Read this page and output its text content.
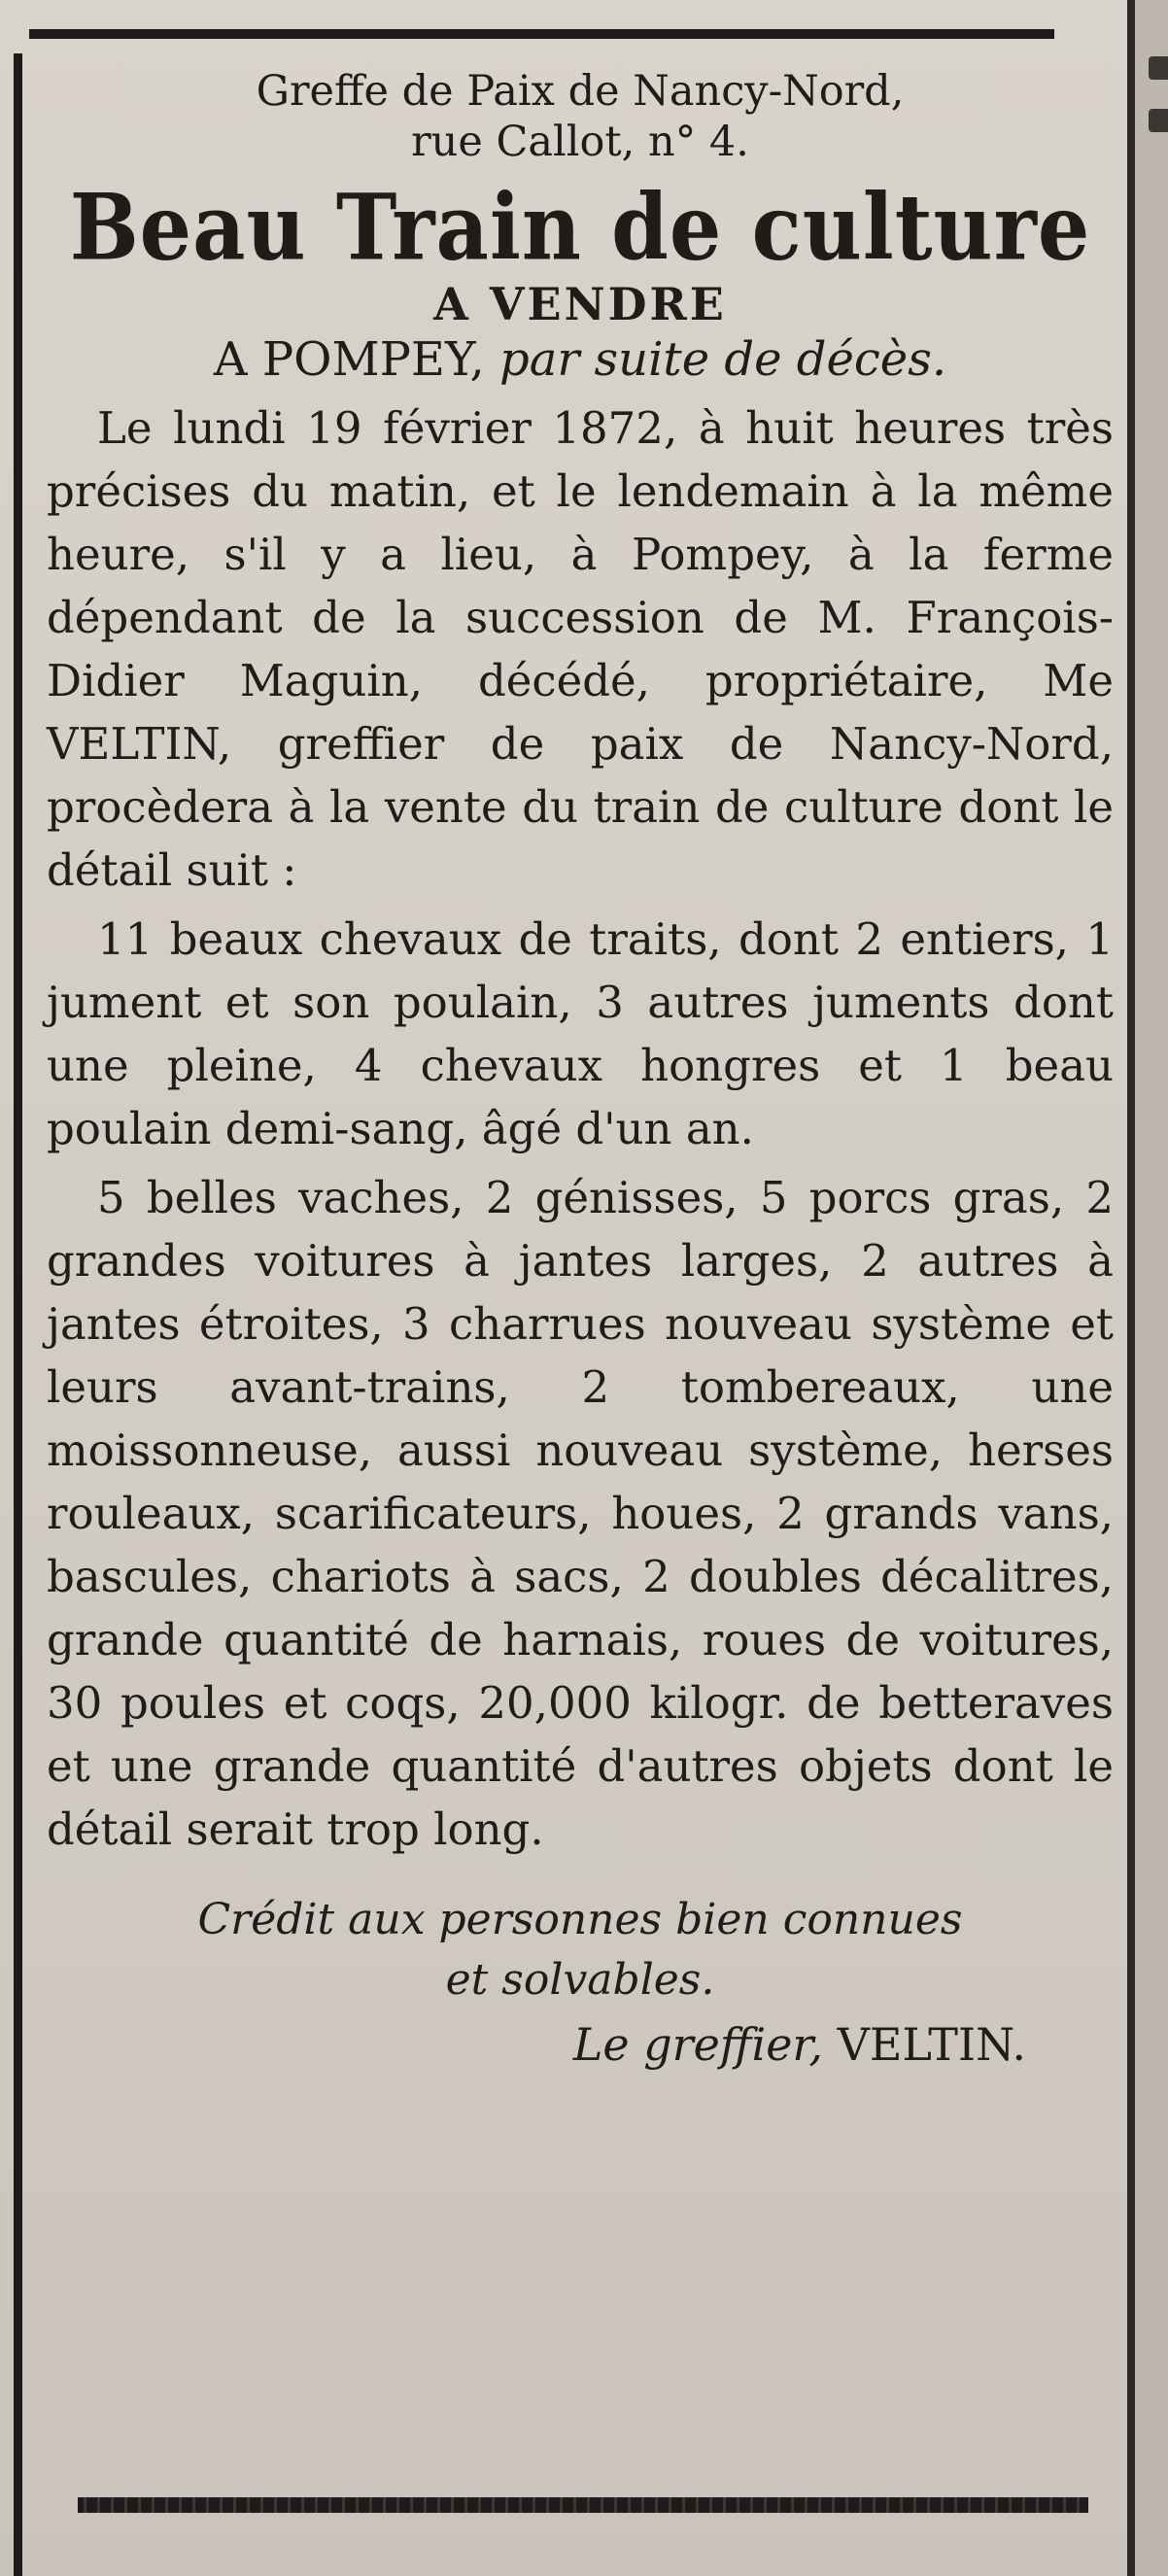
Greffe de Paix de Nancy-Nord,
rue Callot, n° 4.
Beau Train de culture
A VENDRE
A POMPEY, par suite de décès.

Le lundi 19 février 1872, à huit heures très précises du matin, et le lendemain à la même heure, s'il y a lieu, à Pompey, à la ferme dépendant de la succession de M. François-Didier Maguin, décédé, propriétaire, Me VELTIN, greffier de paix de Nancy-Nord, procèdera à la vente du train de culture dont le détail suit :

11 beaux chevaux de traits, dont 2 entiers, 1 jument et son poulain, 3 autres juments dont une pleine, 4 chevaux hongres et 1 beau poulain demi-sang, âgé d'un an.

5 belles vaches, 2 génisses, 5 porcs gras, 2 grandes voitures à jantes larges, 2 autres à jantes étroites, 3 charrues nouveau système et leurs avant-trains, 2 tombereaux, une moissonneuse, aussi nouveau système, herses rouleaux, scarificateurs, houes, 2 grands vans, bascules, chariots à sacs, 2 doubles décalitres, grande quantité de harnais, roues de voitures, 30 poules et coqs, 20,000 kilogr. de betteraves et une grande quantité d'autres objets dont le détail serait trop long.

Crédit aux personnes bien connues
et solvables.
Le greffier, VELTIN.
